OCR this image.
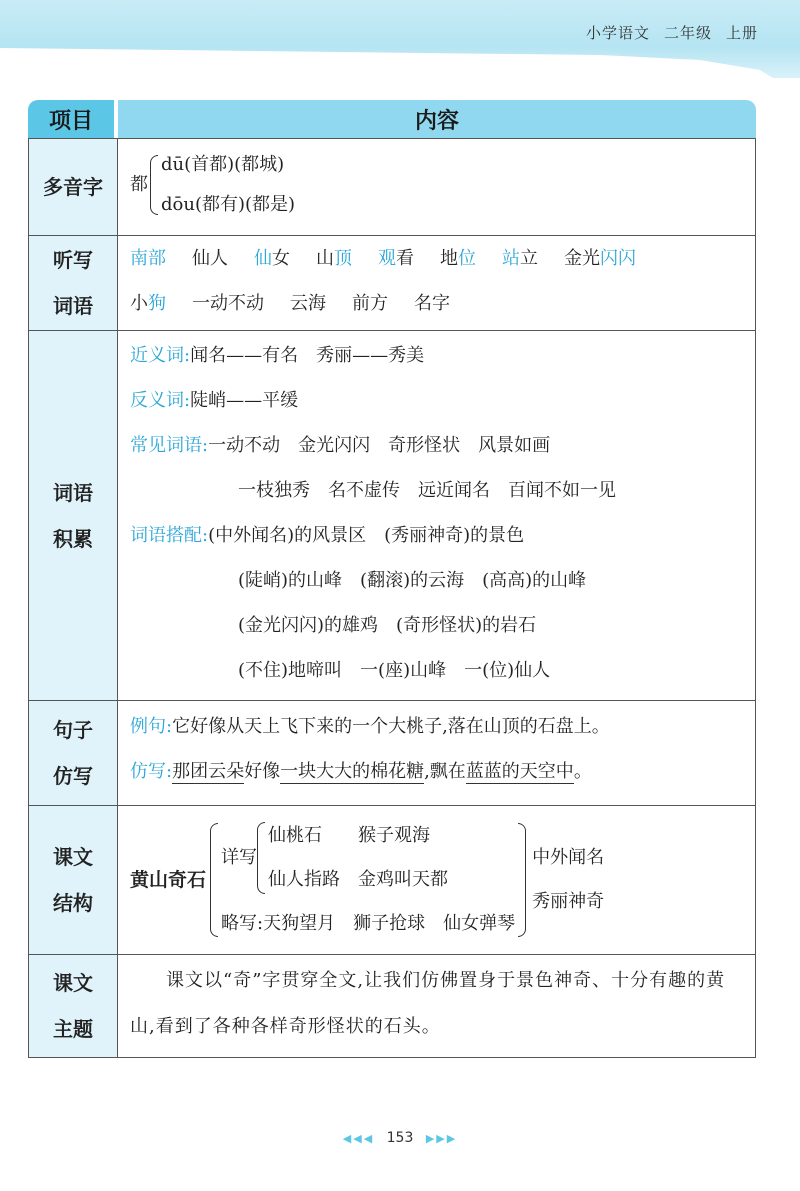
小学语文 二年级 上册
项目	内容
多音字 都
dū(首都)(都城)
dōu(都有)(都是)
听写
词语
南部 仙人 仙女 山顶 观看 地位 站立 金光闪闪
小狗 一动不动 云海 前方 名字
词语
积累
近义词:闻名——有名　秀丽——秀美
反义词:陡峭——平缓
常见词语:一动不动　金光闪闪　奇形怪状　风景如画
一枝独秀　名不虚传　远近闻名　百闻不如一见
词语搭配:(中外闻名)的风景区　(秀丽神奇)的景色
(陡峭)的山峰　(翻滚)的云海　(高高)的山峰
(金光闪闪)的雄鸡　(奇形怪状)的岩石
(不住)地啼叫　一(座)山峰　一(位)仙人
句子
仿写
例句:它好像从天上飞下来的一个大桃子,落在山顶的石盘上。
仿写:那团云朵好像一块大大的棉花糖,飘在蓝蓝的天空中。
课文
结构
黄山奇石
详写
仙桃石　　猴子观海
仙人指路　金鸡叫天都
略写:天狗望月　狮子抢球　仙女弹琴
中外闻名
秀丽神奇
课文
主题
课文以“奇”字贯穿全文,让我们仿佛置身于景色神奇、十分有趣的黄山,看到了各种各样奇形怪状的石头。
◀◀◀ 153 ▶▶▶
